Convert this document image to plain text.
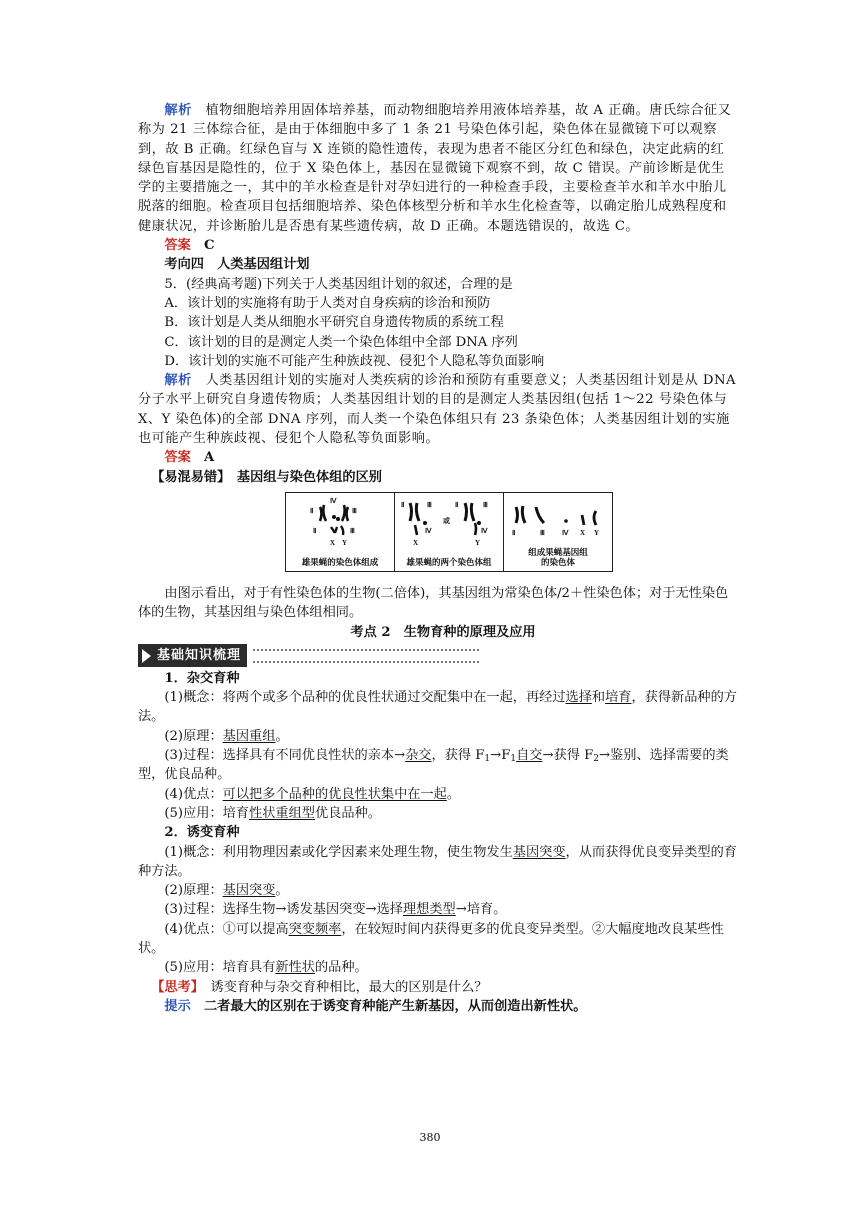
解析　 植物细胞培养用固体培养基，而动物细胞培养用液体培养基，故 A 正确。唐氏综合征又称为 21 三体综合征，是由于体细胞中多了 1 条 21 号染色体引起，染色体在显微镜下可以观察到，故 B 正确。红绿色盲与 X 连锁的隐性遗传，表现为患者不能区分红色和绿色，决定此病的红绿色盲基因是隐性的，位于 X 染色体上，基因在显微镜下观察不到，故 C 错误。产前诊断是优生学的主要措施之一，其中的羊水检查是针对孕妇进行的一种检查手段，主要检查羊水和羊水中胎儿脱落的细胞。检查项目包括细胞培养、染色体核型分析和羊水生化检查等，以确定胎儿成熟程度和健康状况，并诊断胎儿是否患有某些遗传病，故 D 正确。本题选错误的，故选 C。

答案　 C

考向四　人类基因组计划

5．(经典高考题)下列关于人类基因组计划的叙述，合理的是

A．该计划的实施将有助于人类对自身疾病的诊治和预防

B．该计划是人类从细胞水平研究自身遗传物质的系统工程

C．该计划的目的是测定人类一个染色体组中全部 DNA 序列

D．该计划的实施不可能产生种族歧视、侵犯个人隐私等负面影响

解析　 人类基因组计划的实施对人类疾病的诊治和预防有重要意义；人类基因组计划是从 DNA 分子水平上研究自身遗传物质；人类基因组计划的目的是测定人类基因组(包括 1～22 号染色体与 X、Y 染色体)的全部 DNA 序列，而人类一个染色体组只有 23 条染色体；人类基因组计划的实施也可能产生种族歧视、侵犯个人隐私等负面影响。

答案　 A

【易混易错】　 基因组与染色体组的区别

Ⅳ
Ⅱ	Ⅲ
Ⅱ	Ⅲ
X Y
雄果蝇的染色体组成
Ⅱ	Ⅲ
Ⅳ
或
Ⅱ	Ⅲ
Ⅳ
X	Y
雄果蝇的两个染色体组
Ⅱ	Ⅲ Ⅳ X Y
组成果蝇基因组
的染色体

由图示看出，对于有性染色体的生物(二倍体)，其基因组为常染色体/2＋性染色体；对于无性染色体的生物，其基因组与染色体组相同。

考点 2　生物育种的原理及应用

基础知识梳理

1．杂交育种

(1)概念：将两个或多个品种的优良性状通过交配集中在一起，再经过选择和培育，获得新品种的方法。

(2)原理：基因重组。

(3)过程：选择具有不同优良性状的亲本→杂交，获得 $F_1\to F_1$自交→获得 $F_2\to$鉴别、选择需要的类型，优良品种。

(4)优点：可以把多个品种的优良性状集中在一起。

(5)应用：培育性状重组型优良品种。

2．诱变育种

(1)概念：利用物理因素或化学因素来处理生物，使生物发生基因突变，从而获得优良变异类型的育种方法。

(2)原理：基因突变。

(3)过程：选择生物→诱发基因突变→选择理想类型→培育。

(4)优点：①可以提高突变频率，在较短时间内获得更多的优良变异类型。②大幅度地改良某些性状。

(5)应用：培育具有新性状的品种。

【思考】　 诱变育种与杂交育种相比，最大的区别是什么？

提示　 二者最大的区别在于诱变育种能产生新基因，从而创造出新性状。

380
